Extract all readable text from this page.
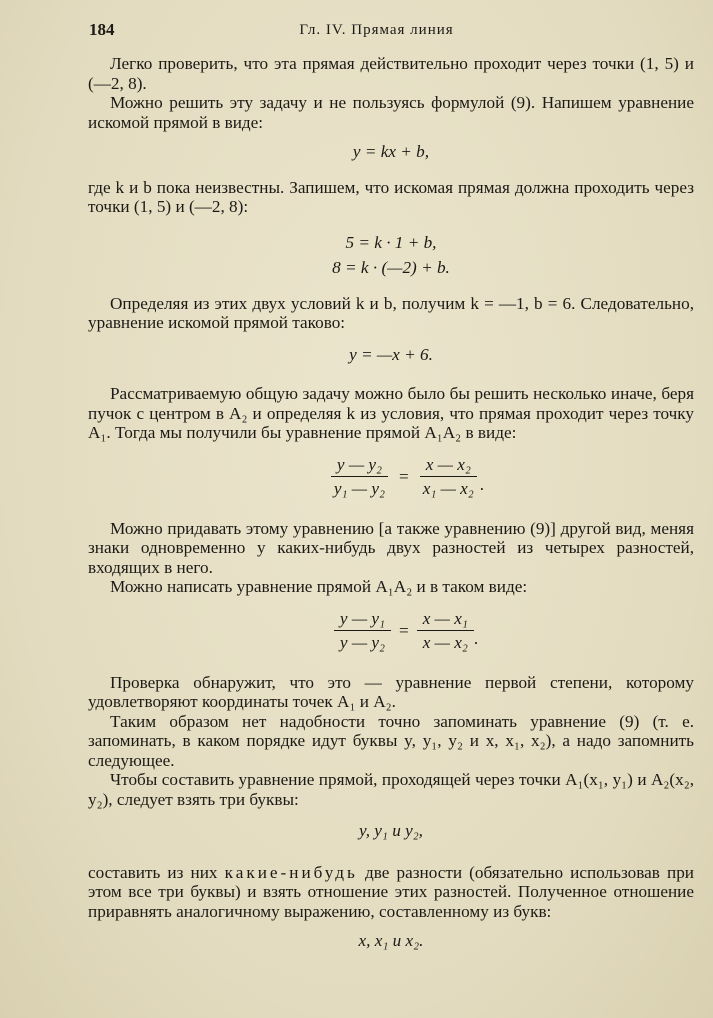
184	Гл. IV. Прямая линия

Легко проверить, что эта прямая действительно проходит через точки (1, 5) и (—2, 8).

Можно решить эту задачу и не пользуясь формулой (9). Напишем уравнение искомой прямой в виде:

y = kx + b,

где k и b пока неизвестны. Запишем, что искомая прямая должна проходить через точки (1, 5) и (—2, 8):

5 = k · 1 + b,
8 = k · (—2) + b.

Определяя из этих двух условий k и b, получим k = —1, b = 6. Следовательно, уравнение искомой прямой таково:

y = —x + 6.

Рассматриваемую общую задачу можно было бы решить несколько иначе, беря пучок с центром в A₂ и определяя k из условия, что прямая проходит через точку A₁. Тогда мы получили бы уравнение прямой A₁A₂ в виде:

$\frac{\text{y — y₂}}{\text{y₁ — y₂}} = \frac{\text{x — x₂}}{\text{x₁ — x₂}}$ .

Можно придавать этому уравнению [а также уравнению (9)] другой вид, меняя знаки одновременно у каких-нибудь двух разностей из четырех разностей, входящих в него.

Можно написать уравнение прямой A₁A₂ и в таком виде:

$\frac{\text{y — y₁}}{\text{y — y₂}} = \frac{\text{x — x₁}}{\text{x — x₂}}$ .

Проверка обнаружит, что это — уравнение первой степени, которому удовлетворяют координаты точек A₁ и A₂.

Таким образом нет надобности точно запоминать уравнение (9) (т. е. запоминать, в каком порядке идут буквы y, y₁, y₂ и x, x₁, x₂), а надо запомнить следующее.

Чтобы составить уравнение прямой, проходящей через точки A₁(x₁, y₁) и A₂(x₂, y₂), следует взять три буквы:

y, y₁ и y₂,

составить из них какие-нибудь две разности (обязательно использовав при этом все три буквы) и взять отношение этих разностей. Полученное отношение приравнять аналогичному выражению, составленному из букв:

x, x₁ и x₂.
